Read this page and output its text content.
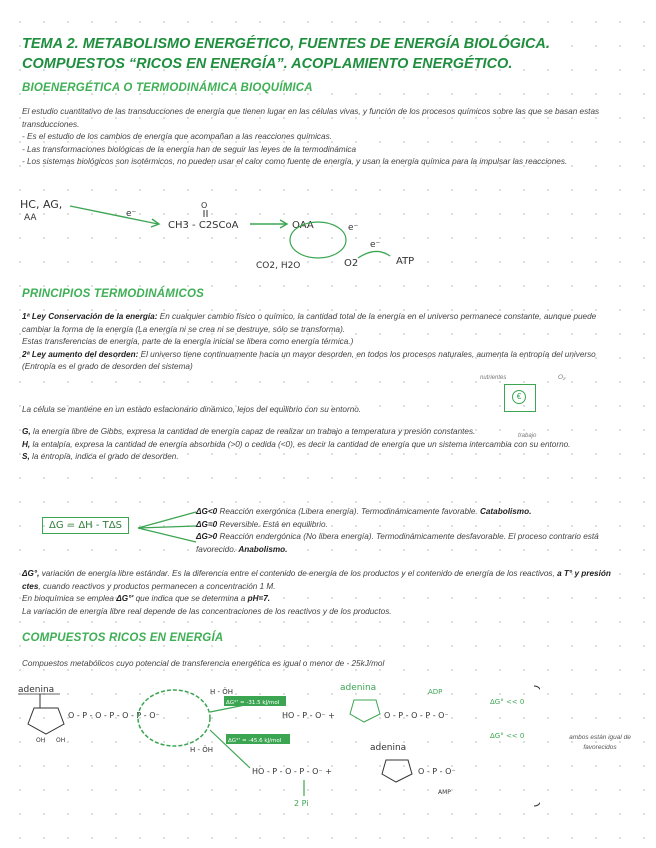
TEMA 2. METABOLISMO ENERGÉTICO, FUENTES DE ENERGÍA BIOLÓGICA.
COMPUESTOS “RICOS EN ENERGÍA”. ACOPLAMIENTO ENERGÉTICO.
BIOENERGÉTICA O TERMODINÁMICA BIOQUÍMICA
El estudio cuantitativo de las transducciones de energía que tienen lugar en las células vivas, y función de los procesos químicos sobre las que se basan estas transducciones.
- Es el estudio de los cambios de energía que acompañan a las reacciones químicas.
- Las transformaciones biológicas de la energía han de seguir las leyes de la termodinámica
- Los sistemas biológicos son isotérmicos, no pueden usar el calor como fuente de energía, y usan la energía química para la impulsar las reacciones.
HC, AG,
AA	e⁻
O
CH3 - C2SCoA	OAA	e⁻
CO2, H2O	O2
e⁻
ATP
PRINCIPIOS TERMODINÁMICOS
1ª Ley Conservación de la energía: En cualquier cambio físico o químico, la cantidad total de la energía en el universo permanece constante, aunque puede cambiar la forma de la energía (La energía ni se crea ni se destruye, sólo se transforma).
Estas transferencias de energía, parte de la energía inicial se libera como energía térmica.)
2ª Ley aumento del desorden: El universo tiene continuamente hacia un mayor desorden, en todos los procesos naturales, aumenta la entropía del universo (Entropía es el grado de desorden del sistema)
nutrientes	O₂
€
trabajo
La célula se mantiene en un estado estacionario dinámico, lejos del equilibrio con su entorno.
G, la energía libre de Gibbs, expresa la cantidad de energía capaz de realizar un trabajo a temperatura y presión constantes.
H, la entalpía, expresa la cantidad de energía absorbida (>0) o cedida (<0), es decir la cantidad de energía que un sistema intercambia con su entorno.
S, la entropía, indica el grado de desorden.
ΔG = ΔH - TΔS
ΔG<0 Reacción exergónica (Libera energía). Termodinámicamente favorable. Catabolismo.
ΔG=0 Reversible. Está en equilibrio.
ΔG>0 Reacción endergónica (No libera energía). Termodinámicamente desfavorable. El proceso contrario está favorecido. Anabolismo.
ΔG°, variación de energía libre estándar. Es la diferencia entre el contenido de energía de los productos y el contenido de energía de los reactivos, a T° y presión ctes, cuando reactivos y productos permanecen a concentración 1 M.
En bioquímica se emplea ΔG°' que indica que se determina a pH=7.
La variación de energía libre real depende de las concentraciones de los reactivos y de los productos.
COMPUESTOS RICOS EN ENERGÍA
Compuestos metabólicos cuyo potencial de transferencia energética es igual o menor de - 25kJ/mol
adenina
OH OH
O - P - O - P - O - P - O⁻
H - ÖH
H - ÖH
ΔG°' = -31.5 kJ/mol
ΔG°' = -45.6 kJ/mol
HO - P - O⁻ +
adenina
O - P - O - P - O⁻
ADP
ΔG° << 0
ΔG° << 0
HO - P - O - P - O⁻ +
adenina
O - P - O⁻
AMP
2 Pi
ambos están igual de favorecidos
